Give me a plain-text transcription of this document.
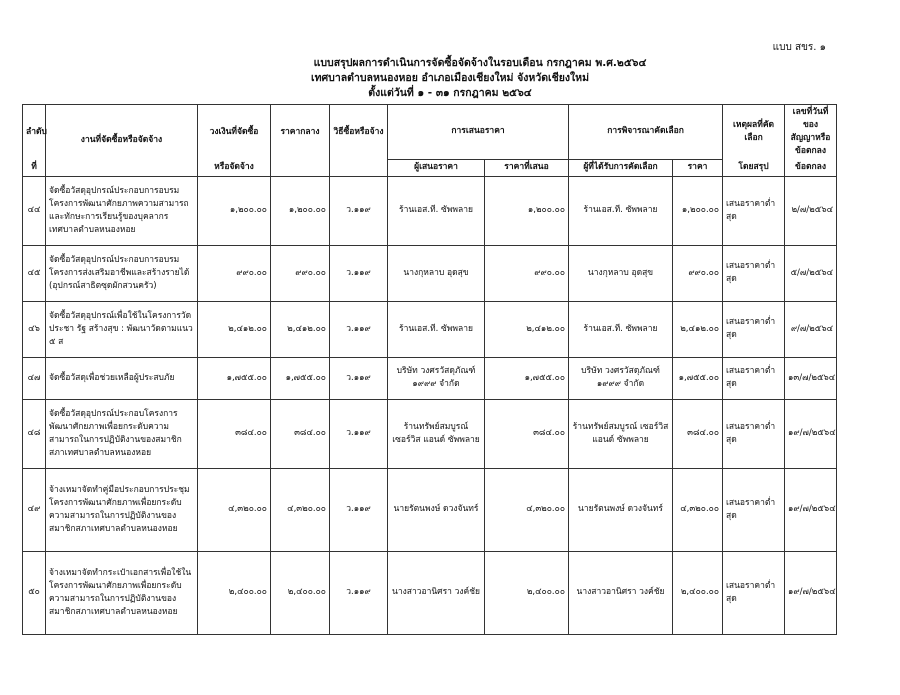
แบบ สขร. ๑
แบบสรุปผลการดำเนินการจัดซื้อจัดจ้างในรอบเดือน กรกฎาคม พ.ศ.๒๕๖๔
เทศบาลตำบลหนองหอย อำเภอเมืองเชียงใหม่ จังหวัดเชียงใหม่
ตั้งแต่วันที่ ๑ - ๓๑ กรกฎาคม ๒๕๖๔
ลำดับ	งานที่จัดซื้อหรือจัดจ้าง	วงเงินที่จัดซื้อ	ราคากลาง	วิธีซื้อหรือจ้าง	การเสนอราคา		การพิจารณาคัดเลือก		เหตุผลที่คัดเลือก	เลขที่วันที่ของ
สัญญาหรือข้อตกลง

ที่		หรือจัดจ้าง			ผู้เสนอราคา	ราคาที่เสนอ	ผู้ที่ได้รับการคัดเลือก	ราคา	โดยสรุป	ข้อตกลง
๔๔	จัดซื้อวัสดุอุปกรณ์ประกอบการอบรมโครงการพัฒนาศักยภาพความสามารถและทักษะการเรียนรู้ของบุคลากรเทศบาลตำบลหนองหอย	๑,๒๐๐.๐๐	๑,๒๐๐.๐๐	ว.๑๑๙	ร้านเอส.ที. ซัพพลาย	๑,๒๐๐.๐๐	ร้านเอส.ที. ซัพพลาย	๑,๒๐๐.๐๐	เสนอราคาต่ำสุด	๒/๗/๒๕๖๔
๔๕	จัดซื้อวัสดุอุปกรณ์ประกอบการอบรมโครงการส่งเสริมอาชีพและสร้างรายได้ (อุปกรณ์สาธิตซุดผักสวนครัว)	๙๙๐.๐๐	๙๙๐.๐๐	ว.๑๑๙	นางกุหลาบ อุดสุข	๙๙๐.๐๐	นางกุหลาบ อุดสุข	๙๙๐.๐๐	เสนอราคาต่ำสุด	๕/๗/๒๕๖๔
๔๖	จัดซื้อวัสดุอุปกรณ์เพื่อใช้ในโครงการวัดประชา รัฐ สร้างสุข : พัฒนาวัดตามแนว ๕ ส	๒,๔๑๒.๐๐	๒,๔๑๒.๐๐	ว.๑๑๙	ร้านเอส.ที. ซัพพลาย	๒,๔๑๒.๐๐	ร้านเอส.ที. ซัพพลาย	๒,๔๑๒.๐๐	เสนอราคาต่ำสุด	๙/๗/๒๕๖๔
๔๗	จัดซื้อวัสดุเพื่อช่วยเหลือผู้ประสบภัย	๑,๗๕๕.๐๐	๑,๗๕๕.๐๐	ว.๑๑๙	บริษัท วงศรวัสดุภัณฑ์ ๑๙๙๙ จำกัด	๑,๗๕๕.๐๐	บริษัท วงศรวัสดุภัณฑ์ ๑๙๙๙ จำกัด	๑,๗๕๕.๐๐	เสนอราคาต่ำสุด	๑๓/๗/๒๕๖๔
๔๘	จัดซื้อวัสดุอุปกรณ์ประกอบโครงการพัฒนาศักยภาพเพื่อยกระดับความสามารถในการปฏิบัติงานของสมาชิกสภาเทศบาลตำบลหนองหอย	๓๘๔.๐๐	๓๘๔.๐๐	ว.๑๑๙	ร้านทรัพย์สมบูรณ์ เซอร์วิส แอนด์ ซัพพลาย	๓๘๔.๐๐	ร้านทรัพย์สมบูรณ์ เซอร์วิส แอนด์ ซัพพลาย	๓๘๔.๐๐	เสนอราคาต่ำสุด	๑๙/๗/๒๕๖๔
๔๙	จ้างเหมาจัดทำคู่มือประกอบการประชุมโครงการพัฒนาศักยภาพเพื่อยกระดับความสามารถในการปฏิบัติงานของสมาชิกสภาเทศบาลตำบลหนองหอย	๔,๓๒๐.๐๐	๔,๓๒๐.๐๐	ว.๑๑๙	นายรัตนพงษ์ ดวงจันทร์	๔,๓๒๐.๐๐	นายรัตนพงษ์ ดวงจันทร์	๔,๓๒๐.๐๐	เสนอราคาต่ำสุด	๑๙/๗/๒๕๖๔
๕๐	จ้างเหมาจัดทำกระเป๋าเอกสารเพื่อใช้ในโครงการพัฒนาศักยภาพเพื่อยกระดับความสามารถในการปฏิบัติงานของสมาชิกสภาเทศบาลตำบลหนองหอย	๒,๔๐๐.๐๐	๒,๔๐๐.๐๐	ว.๑๑๙	นางสาวอานิศรา วงค์ชัย	๒,๔๐๐.๐๐	นางสาวอานิศรา วงค์ชัย	๒,๔๐๐.๐๐	เสนอราคาต่ำสุด	๑๙/๗/๒๕๖๔
